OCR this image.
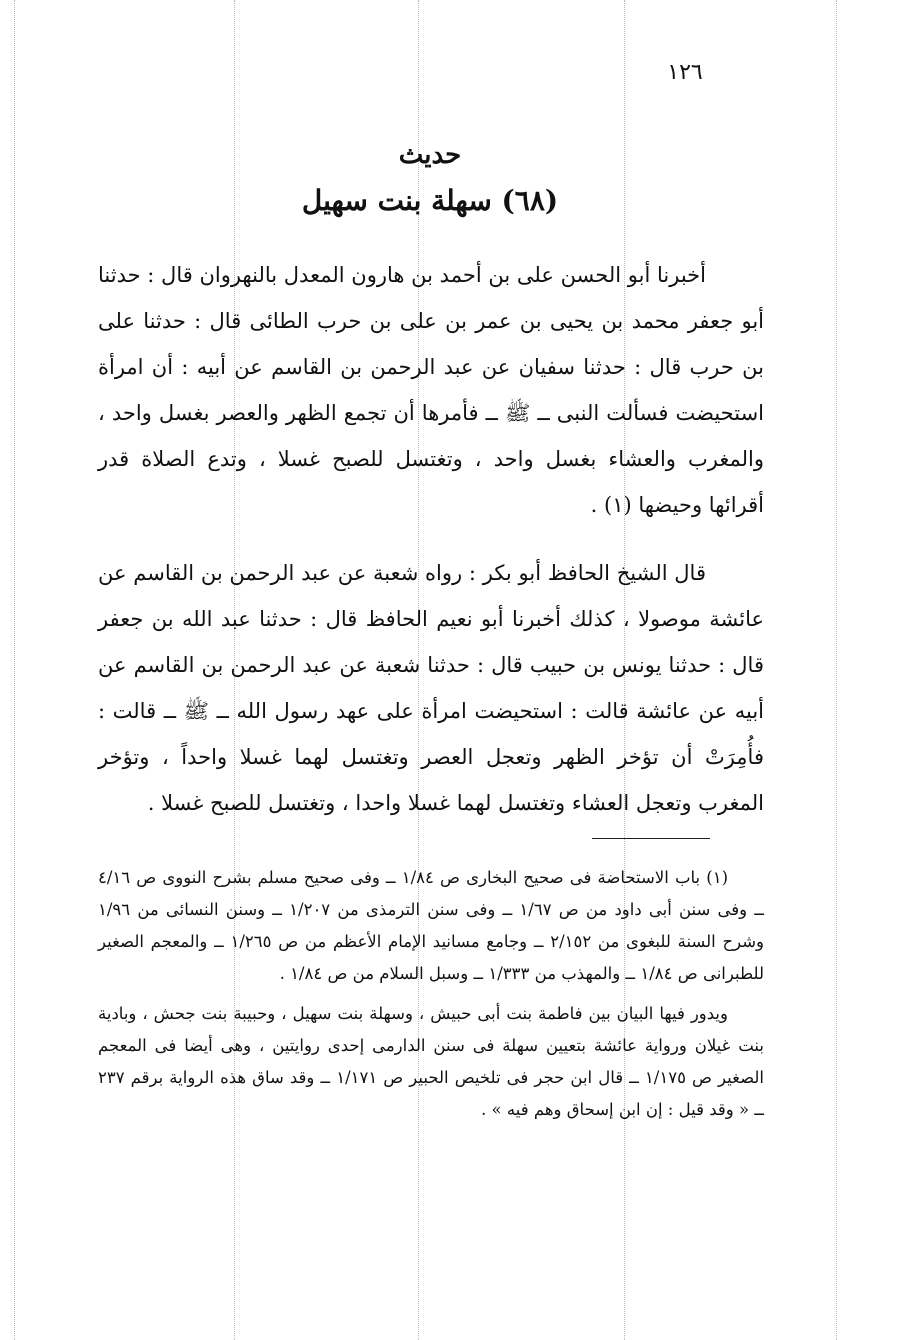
١٢٦
حديث
(٦٨) سهلة بنت سهيل

أخبرنا أبو الحسن على بن أحمد بن هارون المعدل بالنهروان قال : حدثنا أبو جعفر محمد بن يحيى بن عمر بن على بن حرب الطائى قال : حدثنا على بن حرب قال : حدثنا سفيان عن عبد الرحمن بن القاسم عن أبيه : أن امرأة استحيضت فسألت النبى ــ ﷺ ــ فأمرها أن تجمع الظهر والعصر بغسل واحد ، والمغرب والعشاء بغسل واحد ، وتغتسل للصبح غسلا ، وتدع الصلاة قدر أقرائها وحيضها (١) .

قال الشيخ الحافظ أبو بكر : رواه شعبة عن عبد الرحمن بن القاسم عن عائشة موصولا ، كذلك أخبرنا أبو نعيم الحافظ قال : حدثنا عبد الله بن جعفر قال : حدثنا يونس بن حبيب قال : حدثنا شعبة عن عبد الرحمن بن القاسم عن أبيه عن عائشة قالت : استحيضت امرأة على عهد رسول الله ــ ﷺ ــ قالت : فأُمِرَتْ أن تؤخر الظهر وتعجل العصر وتغتسل لهما غسلا واحداً ، وتؤخر المغرب وتعجل العشاء وتغتسل لهما غسلا واحدا ، وتغتسل للصبح غسلا .

(١) باب الاستحاضة فى صحيح البخارى ص ١/٨٤ ــ وفى صحيح مسلم بشرح النووى ص ٤/١٦ ــ وفى سنن أبى داود من ص ١/٦٧ ــ وفى سنن الترمذى من ١/٢٠٧ ــ وسنن النسائى من ١/٩٦ وشرح السنة للبغوى من ٢/١٥٢ ــ وجامع مسانيد الإمام الأعظم من ص ١/٢٦٥ ــ والمعجم الصغير للطبرانى ص ١/٨٤ ــ والمهذب من ١/٣٣٣ ــ وسبل السلام من ص ١/٨٤ .

ويدور فيها البيان بين فاطمة بنت أبى حبيش ، وسهلة بنت سهيل ، وحبيبة بنت جحش ، وبادية بنت غيلان ورواية عائشة بتعيين سهلة فى سنن الدارمى إحدى روايتين ، وهى أيضا فى المعجم الصغير ص ١/١٧٥ ــ قال ابن حجر فى تلخيص الحبير ص ١/١٧١ ــ وقد ساق هذه الرواية برقم ٢٣٧ ــ « وقد قيل : إن ابن إسحاق وهم فيه » .
